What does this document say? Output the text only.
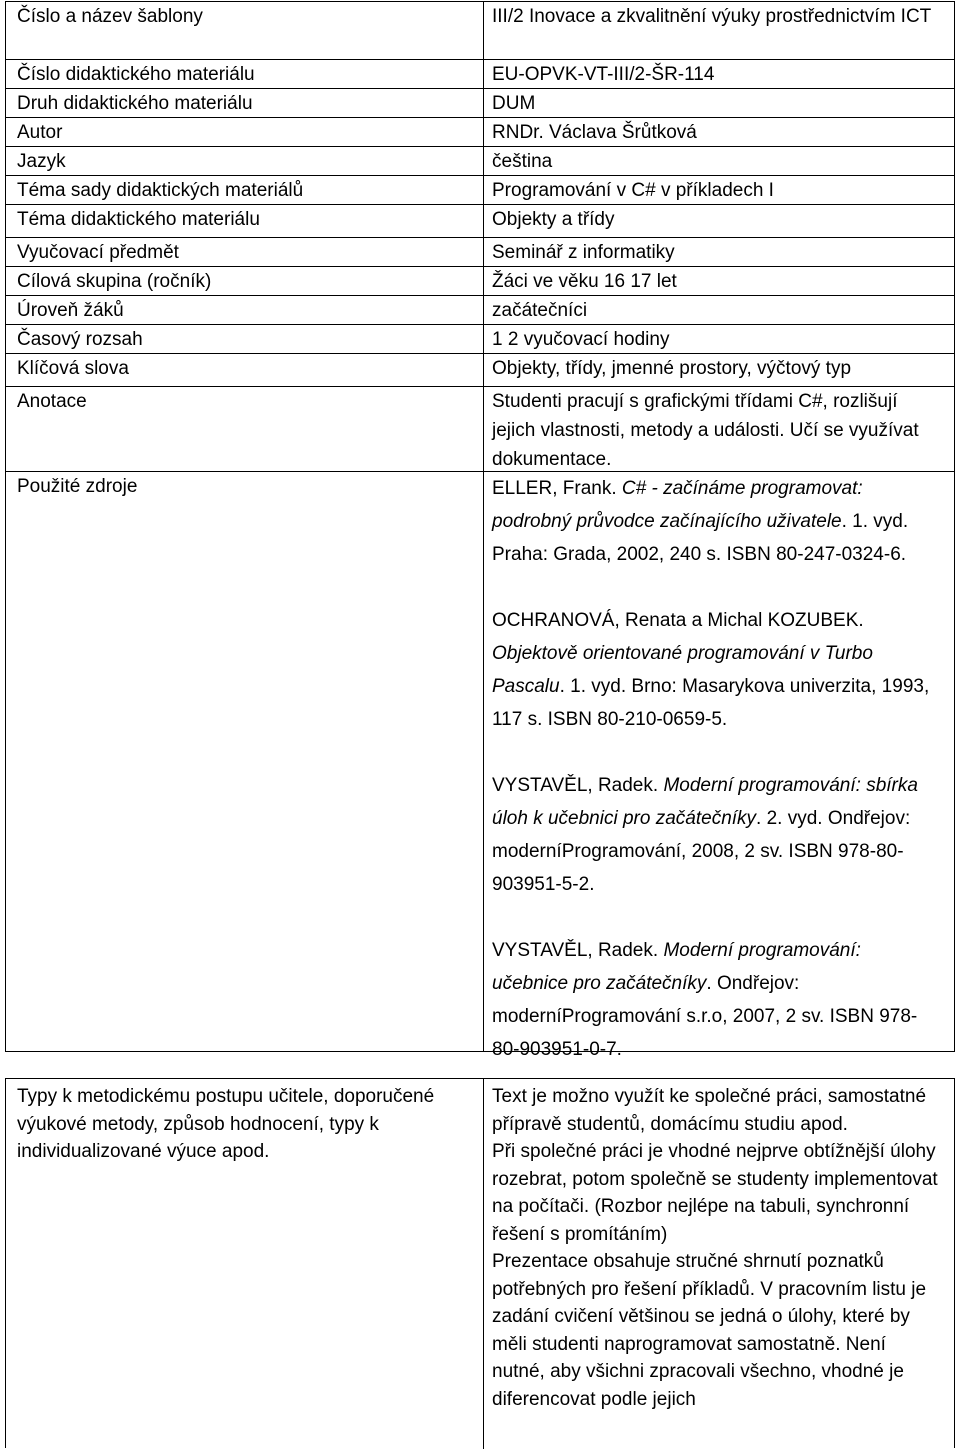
Číslo a název šablony	III/2 Inovace a zkvalitnění výuky prostřednictvím ICT
Číslo didaktického materiálu	EU-OPVK-VT-III/2-ŠR-114
Druh didaktického materiálu	DUM
Autor	RNDr. Václava Šrůtková
Jazyk	čeština
Téma sady didaktických materiálů	Programování v C# v příkladech I
Téma didaktického materiálu	Objekty a třídy
Vyučovací předmět	Seminář z informatiky
Cílová skupina (ročník)	Žáci ve věku 16 17 let
Úroveň žáků	začátečníci
Časový rozsah	1 2 vyučovací hodiny
Klíčová slova	Objekty, třídy, jmenné prostory, výčtový typ
Anotace	Studenti pracují s grafickými třídami C#, rozlišují jejich vlastnosti, metody a události. Učí se využívat dokumentace.
Použité zdroje	ELLER, Frank. C# - začínáme programovat: podrobný průvodce začínajícího uživatele. 1. vyd. Praha: Grada, 2002, 240 s. ISBN 80-247-0324-6.
OCHRANOVÁ, Renata a Michal KOZUBEK. Objektově orientované programování v Turbo Pascalu. 1. vyd. Brno: Masarykova univerzita, 1993, 117 s. ISBN 80-210-0659-5.
VYSTAVĚL, Radek. Moderní programování: sbírka úloh k učebnici pro začátečníky. 2. vyd. Ondřejov: moderníProgramování, 2008, 2 sv. ISBN 978-80-903951-5-2.
VYSTAVĚL, Radek. Moderní programování: učebnice pro začátečníky. Ondřejov: moderníProgramování s.r.o, 2007, 2 sv. ISBN 978-80-903951-0-7.
Typy k metodickému postupu učitele, doporučené výukové metody, způsob hodnocení, typy k individualizované výuce apod.
Text je možno využít ke společné práci, samostatné přípravě studentů, domácímu studiu apod.
Při společné práci je vhodné nejprve obtížnější úlohy rozebrat, potom společně se studenty implementovat na počítači. (Rozbor nejlépe na tabuli, synchronní řešení s promítáním)
Prezentace obsahuje stručné shrnutí poznatků potřebných pro řešení příkladů. V pracovním listu je zadání cvičení většinou se jedná o úlohy, které by měli studenti naprogramovat samostatně. Není nutné, aby všichni zpracovali všechno, vhodné je diferencovat podle jejich
